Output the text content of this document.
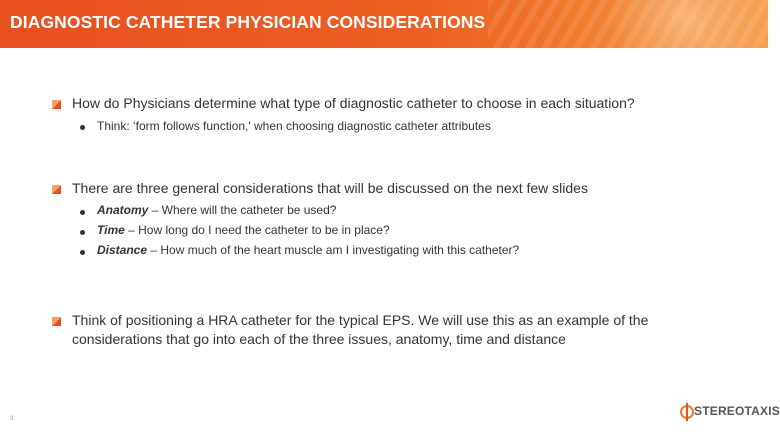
DIAGNOSTIC CATHETER PHYSICIAN CONSIDERATIONS
How do Physicians determine what type of diagnostic catheter to choose in each situation?
Think: ‘form follows function,' when choosing diagnostic catheter attributes
There are three general considerations that will be discussed on the next few slides
Anatomy – Where will the catheter be used?
Time – How long do I need the catheter to be in place?
Distance – How much of the heart muscle am I investigating with this catheter?
Think of positioning a HRA catheter for the typical EPS. We will use this as an example of the
considerations that go into each of the three issues, anatomy, time and distance
3
STEREOTAXIS
